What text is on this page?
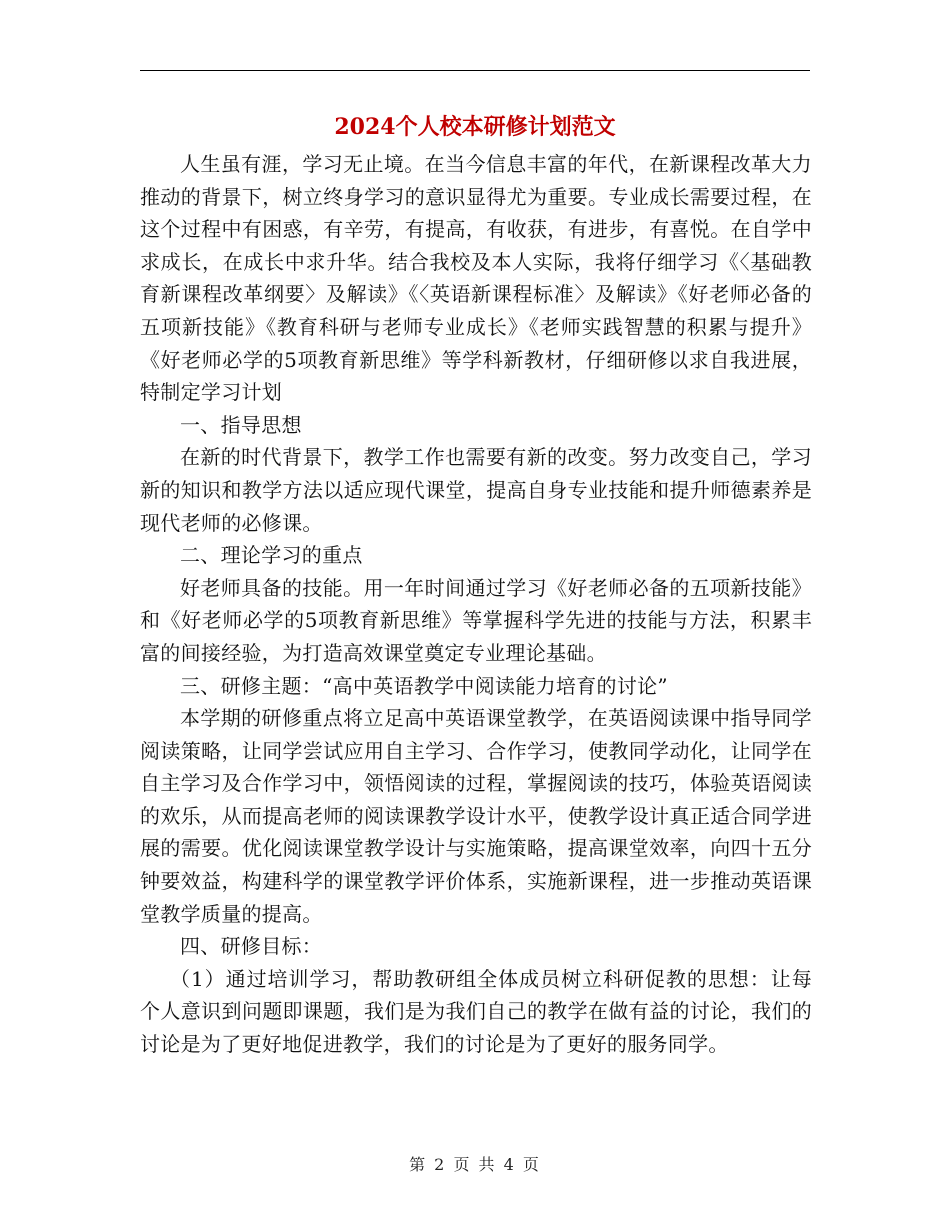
2024个人校本研修计划范文

人生虽有涯，学习无止境。在当今信息丰富的年代，在新课程改革大力推动的背景下，树立终身学习的意识显得尤为重要。专业成长需要过程，在这个过程中有困惑，有辛劳，有提高，有收获，有进步，有喜悦。在自学中求成长，在成长中求升华。结合我校及本人实际，我将仔细学习《〈基础教育新课程改革纲要〉及解读》《〈英语新课程标准〉及解读》《好老师必备的五项新技能》《教育科研与老师专业成长》《老师实践智慧的积累与提升》《好老师必学的5项教育新思维》等学科新教材，仔细研修以求自我进展，特制定学习计划

一、指导思想

在新的时代背景下，教学工作也需要有新的改变。努力改变自己，学习新的知识和教学方法以适应现代课堂，提高自身专业技能和提升师德素养是现代老师的必修课。

二、理论学习的重点

好老师具备的技能。用一年时间通过学习《好老师必备的五项新技能》和《好老师必学的5项教育新思维》等掌握科学先进的技能与方法，积累丰富的间接经验，为打造高效课堂奠定专业理论基础。

三、研修主题：“高中英语教学中阅读能力培育的讨论”

本学期的研修重点将立足高中英语课堂教学，在英语阅读课中指导同学阅读策略，让同学尝试应用自主学习、合作学习，使教同学动化，让同学在自主学习及合作学习中，领悟阅读的过程，掌握阅读的技巧，体验英语阅读的欢乐，从而提高老师的阅读课教学设计水平，使教学设计真正适合同学进展的需要。优化阅读课堂教学设计与实施策略，提高课堂效率，向四十五分钟要效益，构建科学的课堂教学评价体系，实施新课程，进一步推动英语课堂教学质量的提高。

四、研修目标：

（1）通过培训学习，帮助教研组全体成员树立科研促教的思想：让每个人意识到问题即课题，我们是为我们自己的教学在做有益的讨论，我们的讨论是为了更好地促进教学，我们的讨论是为了更好的服务同学。

第 2 页 共 4 页
